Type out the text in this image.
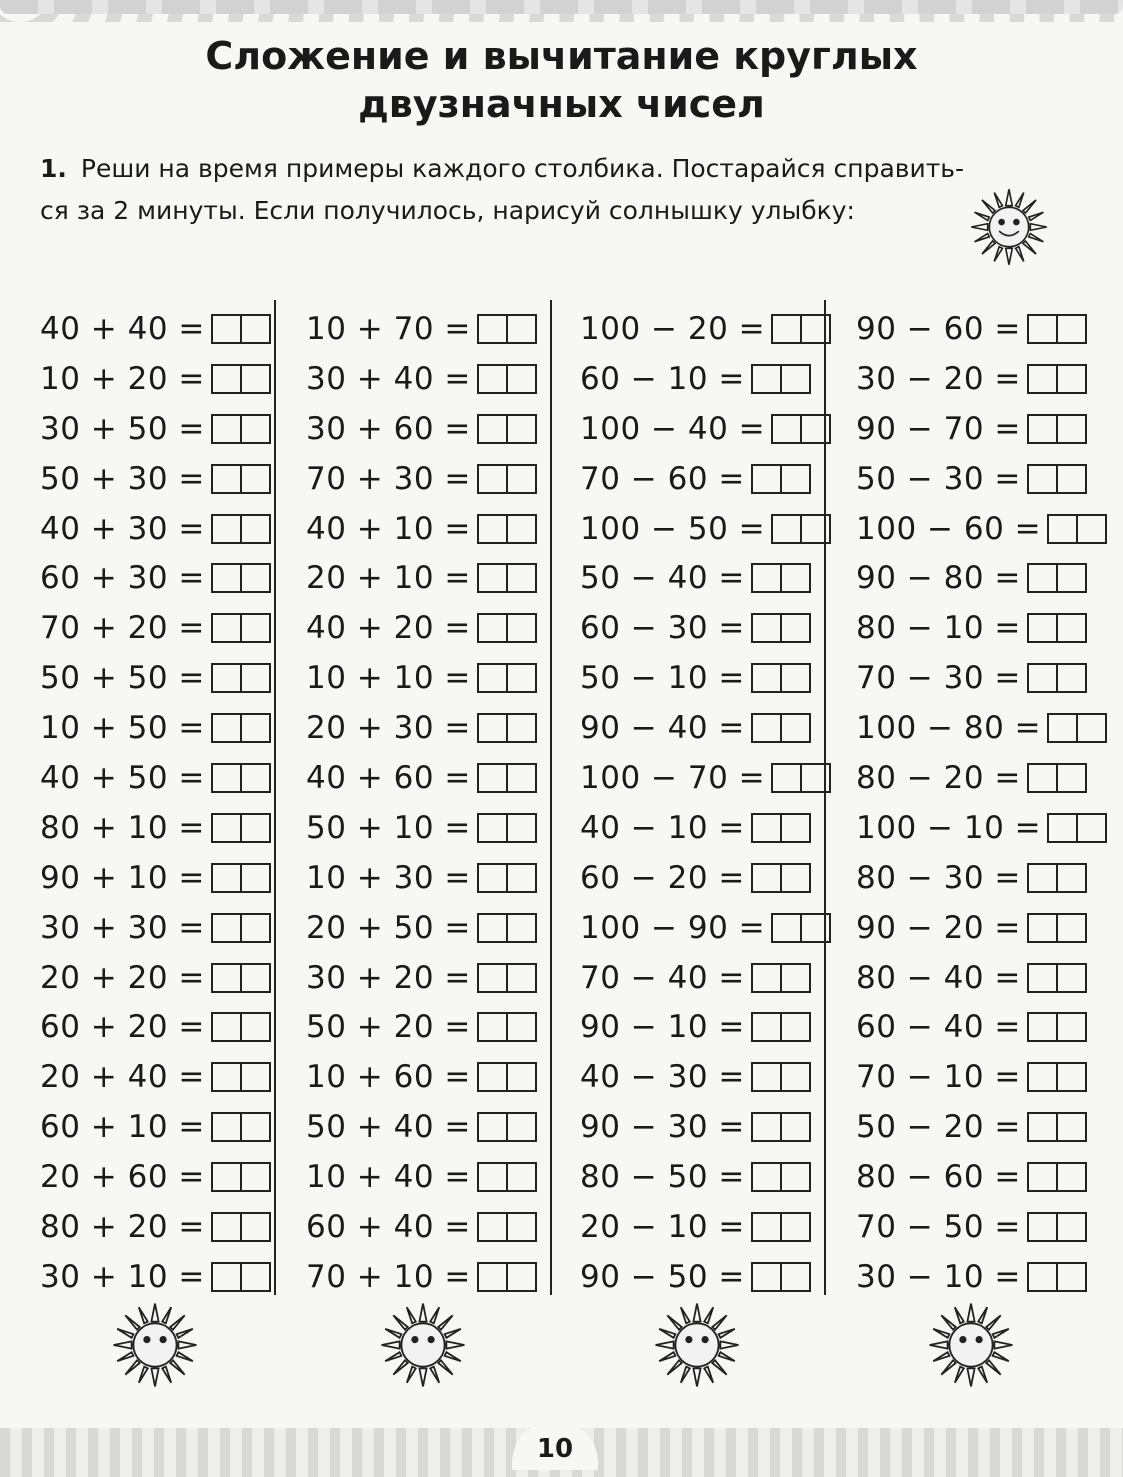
Сложение и вычитание круглых
двузначных чисел
1. Реши на время примеры каждого столбика. Постарайся справить-
ся за 2 минуты. Если получилось, нарисуй солнышку улыбку:
40 + 40 =
10 + 20 =
30 + 50 =
50 + 30 =
40 + 30 =
60 + 30 =
70 + 20 =
50 + 50 =
10 + 50 =
40 + 50 =
80 + 10 =
90 + 10 =
30 + 30 =
20 + 20 =
60 + 20 =
20 + 40 =
60 + 10 =
20 + 60 =
80 + 20 =
30 + 10 =
10 + 70 =
30 + 40 =
30 + 60 =
70 + 30 =
40 + 10 =
20 + 10 =
40 + 20 =
10 + 10 =
20 + 30 =
40 + 60 =
50 + 10 =
10 + 30 =
20 + 50 =
30 + 20 =
50 + 20 =
10 + 60 =
50 + 40 =
10 + 40 =
60 + 40 =
70 + 10 =
100 − 20 =
60 − 10 =
100 − 40 =
70 − 60 =
100 − 50 =
50 − 40 =
60 − 30 =
50 − 10 =
90 − 40 =
100 − 70 =
40 − 10 =
60 − 20 =
100 − 90 =
70 − 40 =
90 − 10 =
40 − 30 =
90 − 30 =
80 − 50 =
20 − 10 =
90 − 50 =
90 − 60 =
30 − 20 =
90 − 70 =
50 − 30 =
100 − 60 =
90 − 80 =
80 − 10 =
70 − 30 =
100 − 80 =
80 − 20 =
100 − 10 =
80 − 30 =
90 − 20 =
80 − 40 =
60 − 40 =
70 − 10 =
50 − 20 =
80 − 60 =
70 − 50 =
30 − 10 =
10
